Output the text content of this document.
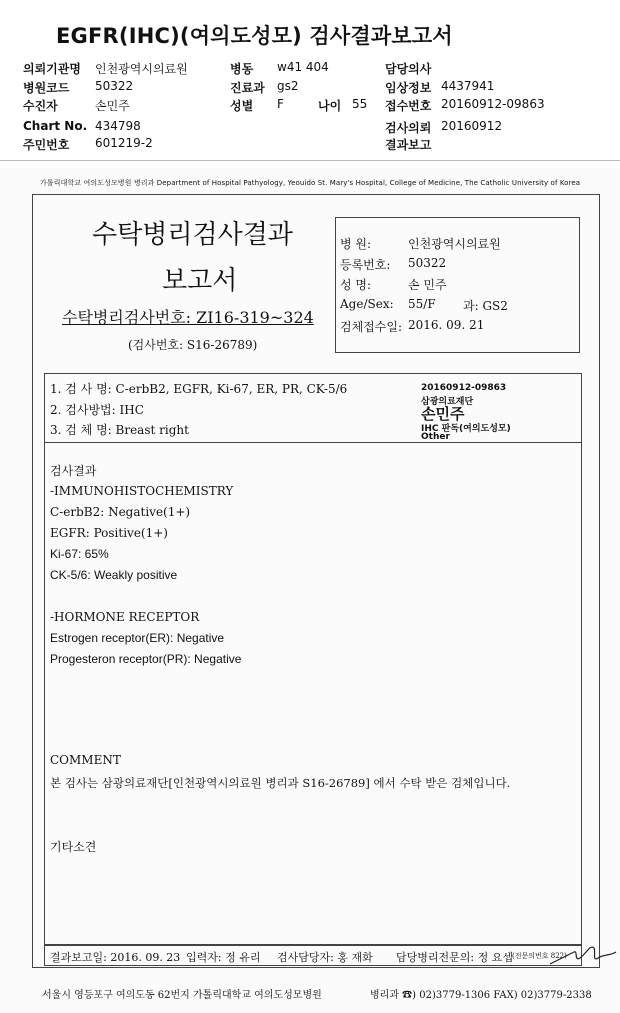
EGFR(IHC)(여의도성모) 검사결과보고서
의뢰기관명 인천광역시의료원	병동 w41 404	담당의사
병원코드 50322	진료과 gs2	임상정보 4437941
수진자	손민주	성별 F	나이 55 접수번호 20160912-09863
Chart No. 434798	검사의뢰 20160912
주민번호 601219-2	결과보고
가톨릭대학교 여의도성모병원 병리과 Department of Hospital Pathyology, Yeouido St. Mary's Hospital, College of Medicine, The Catholic University of Korea
수탁병리검사결과
보고서
수탁병리검사번호: ZI16-319~324
(검사번호: S16-26789)
병 원:	인천광역시의료원
등록번호: 50322
성 명:	손 민주
Age/Sex: 55/F 과: GS2
검체접수일: 2016. 09. 21
1. 검 사 명: C-erbB2, EGFR, Ki-67, ER, PR, CK-5/6
2. 검사방법: IHC
3. 검 체 명: Breast right
20160912-09863
삼광의료재단
손민주
IHC 판독(여의도성모)
Other
검사결과
-IMMUNOHISTOCHEMISTRY
C-erbB2: Negative(1+)
EGFR: Positive(1+)
Ki-67: 65%
CK-5/6: Weakly positive
-HORMONE RECEPTOR
Estrogen receptor(ER): Negative
Progesteron receptor(PR): Negative
COMMENT
본 검사는 삼광의료재단[인천광역시의료원 병리과 S16-26789] 에서 수탁 받은 검체입니다.
기타소견
결과보고일: 2016. 09. 23 입력자: 정 유리 검사담당자: 홍 재화 담당병리전문의: 정 요셉 (전문의번호 822)
서울시 영등포구 여의도동 62번지 가톨릭대학교 여의도성모병원	병리과 ☎) 02)3779-1306 FAX) 02)3779-2338
